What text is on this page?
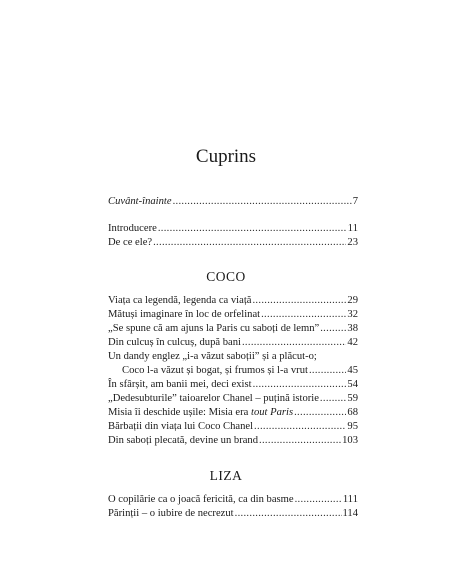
Cuprins
Cuvânt-înainte .....	7
Introducere .....	11
De ce ele? .....	23
COCO
Viața ca legendă, legenda ca viață .....	29
Mătuși imaginare în loc de orfelinat .....	32
„Se spune că am ajuns la Paris cu saboți de lemn” .....	38
Din culcuș în culcuș, după bani .....	42
Un dandy englez „i-a văzut saboții” și a plăcut-o;
Coco l-a văzut și bogat, și frumos și l-a vrut .....	45
În sfârșit, am banii mei, deci exist .....	54
„Dedesubturile” taioarelor Chanel – puțină istorie .....	59
Misia îi deschide ușile: Misia era tout Paris .....	68
Bărbații din viața lui Coco Chanel .....	95
Din saboți plecată, devine un brand .....	103
LIZA
O copilărie ca o joacă fericită, ca din basme .....	111
Părinții – o iubire de necrezut .....	114
